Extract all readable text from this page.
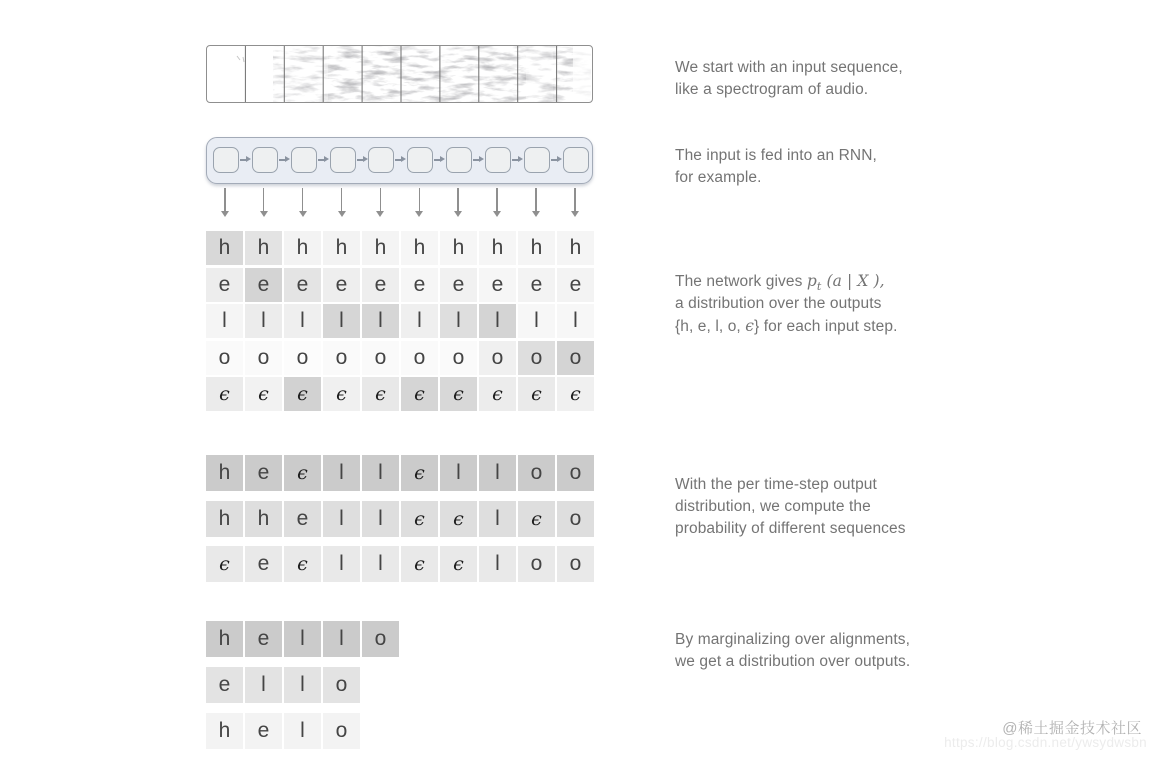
h	h	h	h	h	h	h	h	h	h
e	e	e	e	e	e	e	e	e	e
l	l	l	l	l	l	l	l	l	l
o	o	o	o	o	o	o	o	o	o
ϵ	ϵ	ϵ	ϵ	ϵ	ϵ	ϵ	ϵ	ϵ	ϵ
h	e	ϵ	l	l	ϵ	l	l	o	o
h	h	e	l	l	ϵ	ϵ	l	ϵ	o
ϵ	e	ϵ	l	l	ϵ	ϵ	l	o	o
h	e	l	l	o
e	l	l	o
h	e	l	o
We start with an input sequence,
like a spectrogram of audio.
The input is fed into an RNN,
for example.
The network gives $p_t$ (a | X ),
a distribution over the outputs
{h, e, l, o, ϵ} for each input step.
With the per time-step output
distribution, we compute the
probability of different sequences
By marginalizing over alignments,
we get a distribution over outputs.
@稀土掘金技术社区
https://blog.csdn.net/ywsydwsbn
